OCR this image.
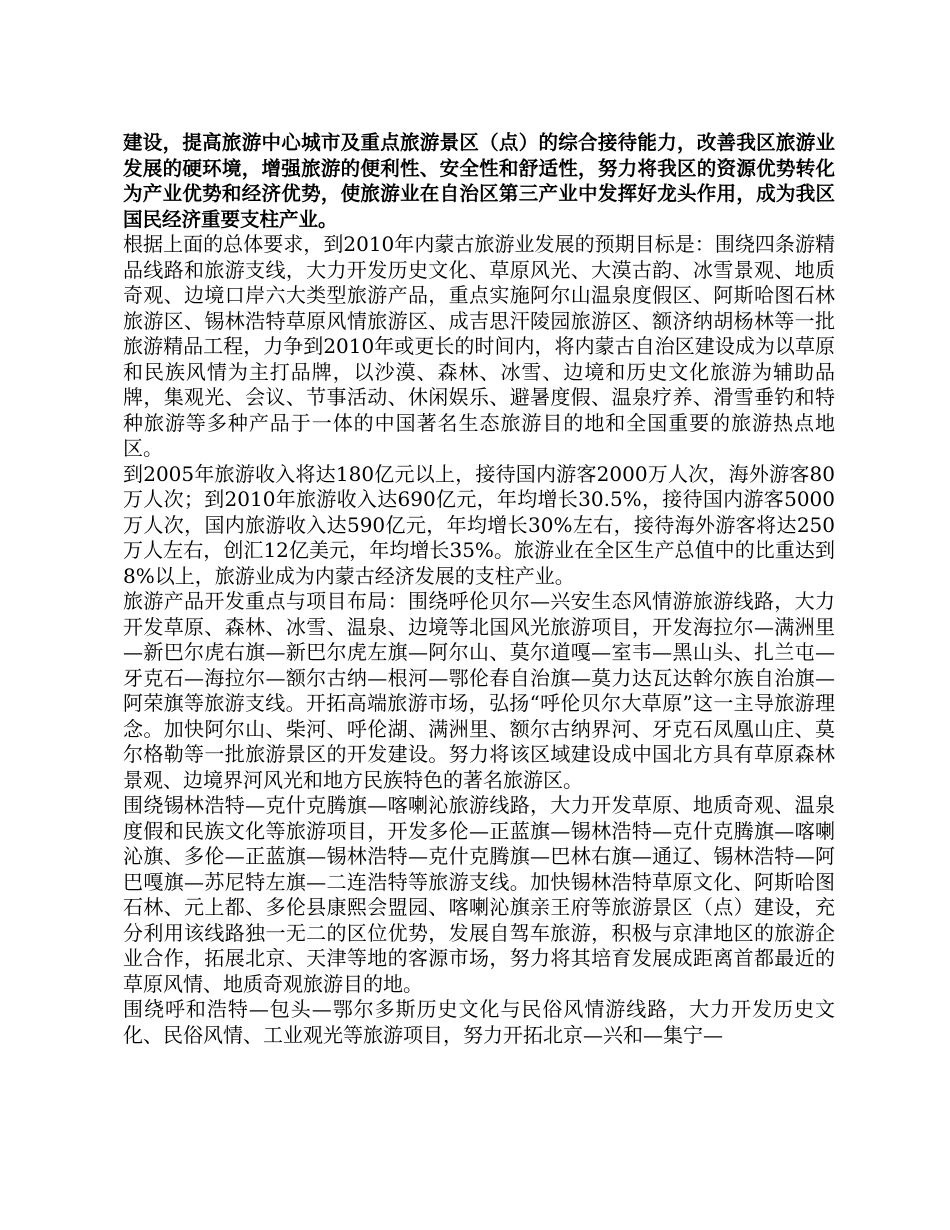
建设，提高旅游中心城市及重点旅游景区（点）的综合接待能力，改善我区旅游业发展的硬环境，增强旅游的便利性、安全性和舒适性，努力将我区的资源优势转化为产业优势和经济优势，使旅游业在自治区第三产业中发挥好龙头作用，成为我区国民经济重要支柱产业。

根据上面的总体要求，到2010年内蒙古旅游业发展的预期目标是：围绕四条游精品线路和旅游支线，大力开发历史文化、草原风光、大漠古韵、冰雪景观、地质奇观、边境口岸六大类型旅游产品，重点实施阿尔山温泉度假区、阿斯哈图石林旅游区、锡林浩特草原风情旅游区、成吉思汗陵园旅游区、额济纳胡杨林等一批旅游精品工程，力争到2010年或更长的时间内，将内蒙古自治区建设成为以草原和民族风情为主打品牌，以沙漠、森林、冰雪、边境和历史文化旅游为辅助品牌，集观光、会议、节事活动、休闲娱乐、避暑度假、温泉疗养、滑雪垂钓和特种旅游等多种产品于一体的中国著名生态旅游目的地和全国重要的旅游热点地区。

到2005年旅游收入将达180亿元以上，接待国内游客2000万人次，海外游客80万人次；到2010年旅游收入达690亿元，年均增长30.5%，接待国内游客5000万人次，国内旅游收入达590亿元，年均增长30%左右，接待海外游客将达250万人左右，创汇12亿美元，年均增长35%。旅游业在全区生产总值中的比重达到8%以上，旅游业成为内蒙古经济发展的支柱产业。

旅游产品开发重点与项目布局：围绕呼伦贝尔—兴安生态风情游旅游线路，大力开发草原、森林、冰雪、温泉、边境等北国风光旅游项目，开发海拉尔—满洲里—新巴尔虎右旗—新巴尔虎左旗—阿尔山、莫尔道嘎—室韦—黑山头、扎兰屯—牙克石—海拉尔—额尔古纳—根河—鄂伦春自治旗—莫力达瓦达斡尔族自治旗—阿荣旗等旅游支线。开拓高端旅游市场，弘扬“呼伦贝尔大草原”这一主导旅游理念。加快阿尔山、柴河、呼伦湖、满洲里、额尔古纳界河、牙克石凤凰山庄、莫尔格勒等一批旅游景区的开发建设。努力将该区域建设成中国北方具有草原森林景观、边境界河风光和地方民族特色的著名旅游区。

围绕锡林浩特—克什克腾旗—喀喇沁旅游线路，大力开发草原、地质奇观、温泉度假和民族文化等旅游项目，开发多伦—正蓝旗—锡林浩特—克什克腾旗—喀喇沁旗、多伦—正蓝旗—锡林浩特—克什克腾旗—巴林右旗—通辽、锡林浩特—阿巴嘎旗—苏尼特左旗—二连浩特等旅游支线。加快锡林浩特草原文化、阿斯哈图石林、元上都、多伦县康熙会盟园、喀喇沁旗亲王府等旅游景区（点）建设，充分利用该线路独一无二的区位优势，发展自驾车旅游，积极与京津地区的旅游企业合作，拓展北京、天津等地的客源市场，努力将其培育发展成距离首都最近的草原风情、地质奇观旅游目的地。

围绕呼和浩特—包头—鄂尔多斯历史文化与民俗风情游线路，大力开发历史文化、民俗风情、工业观光等旅游项目，努力开拓北京—兴和—集宁—
